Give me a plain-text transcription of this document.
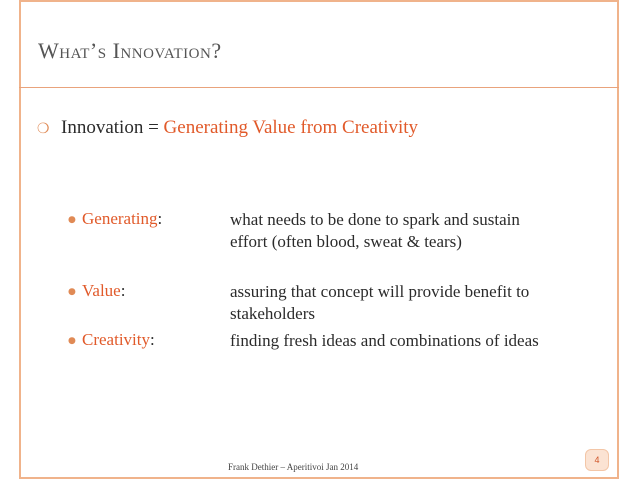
What’s Innovation?
❍ Innovation = Generating Value from Creativity
● Generating:	what needs to be done to spark and sustain effort (often blood, sweat & tears)
● Value:	assuring that concept will provide benefit to stakeholders
● Creativity:	finding fresh ideas and combinations of ideas
Frank Dethier – Aperitivoi Jan 2014
4
